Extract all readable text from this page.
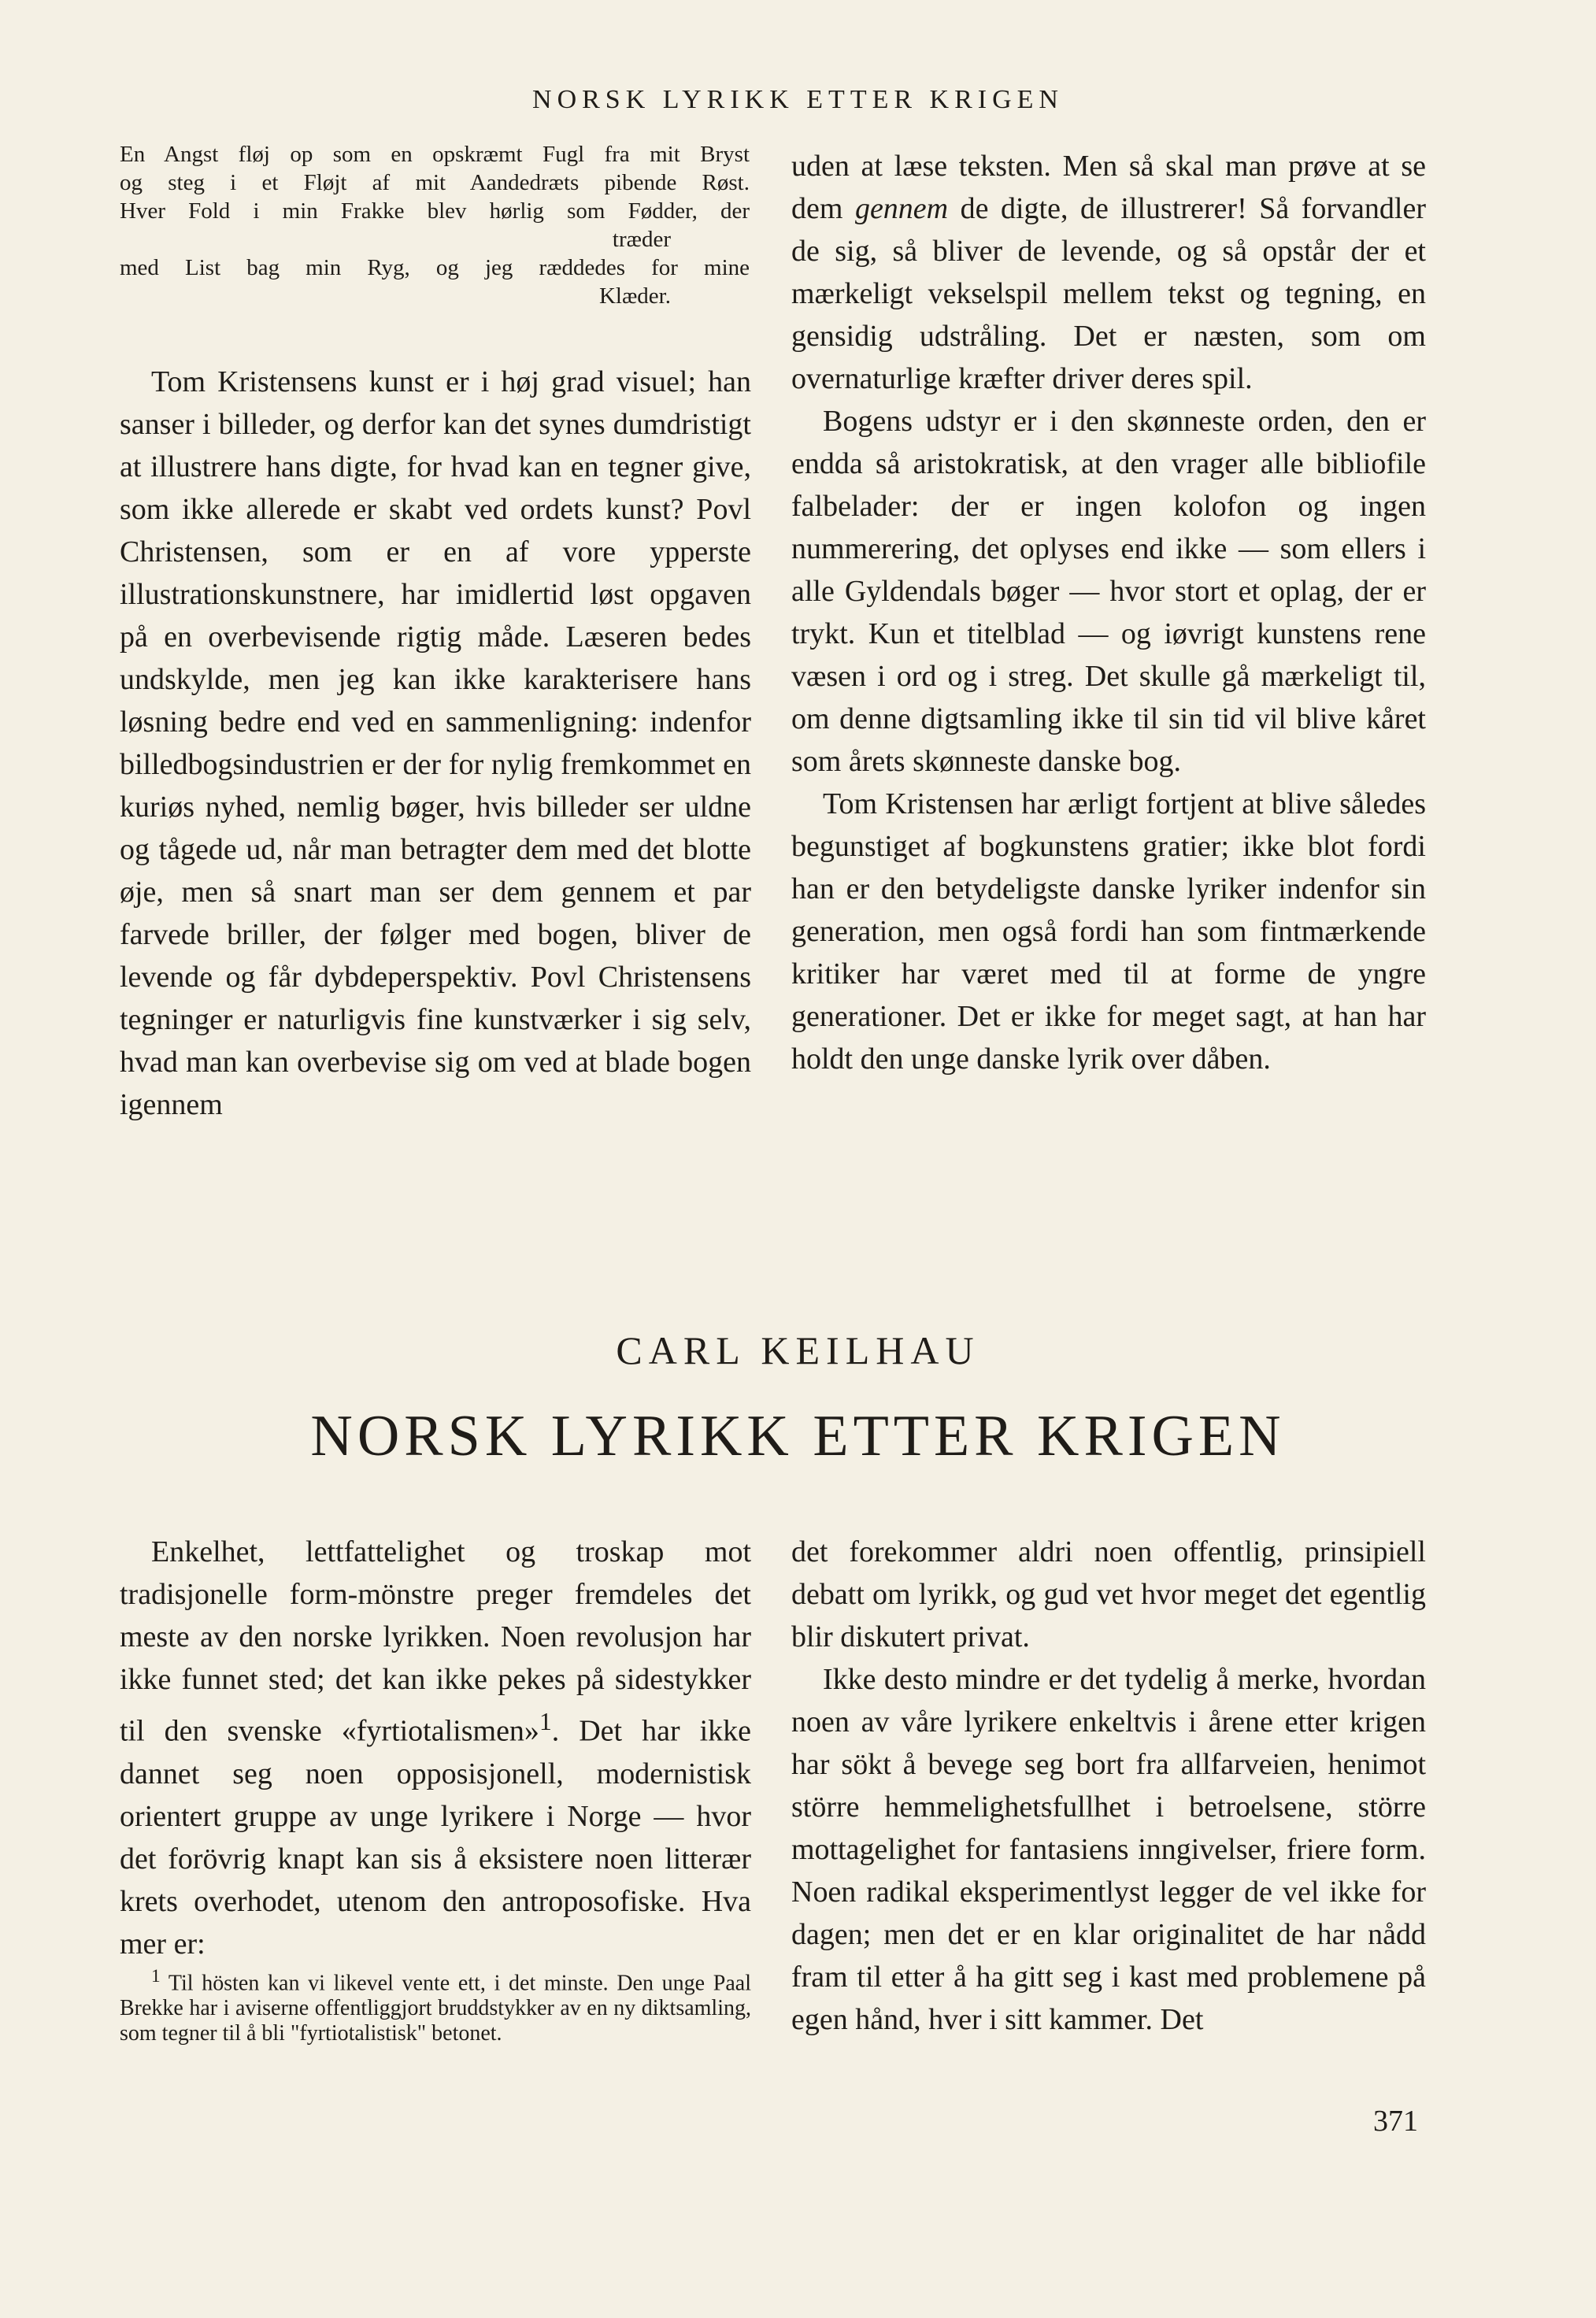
NORSK LYRIKK ETTER KRIGEN
En Angst fløj op som en opskræmt Fugl fra mit Bryst
og steg i et Fløjt af mit Aandedræts pibende Røst.
Hver Fold i min Frakke blev hørlig som Fødder, der
træder
med List bag min Ryg, og jeg ræddedes for mine
Klæder.

Tom Kristensens kunst er i høj grad visuel; han sanser i billeder, og derfor kan det synes dumdristigt at illustrere hans digte, for hvad kan en tegner give, som ikke allerede er skabt ved ordets kunst? Povl Christensen, som er en af vore ypperste illustrationskunstnere, har imidlertid løst opgaven på en overbevisende rigtig måde. Læseren bedes undskylde, men jeg kan ikke karakterisere hans løsning bedre end ved en sammenligning: indenfor billedbogsindustrien er der for nylig fremkommet en kuriøs nyhed, nemlig bøger, hvis billeder ser uldne og tågede ud, når man betragter dem med det blotte øje, men så snart man ser dem gennem et par farvede briller, der følger med bogen, bliver de levende og får dybdeperspektiv. Povl Christensens tegninger er naturligvis fine kunstværker i sig selv, hvad man kan overbevise sig om ved at blade bogen igennem

uden at læse teksten. Men så skal man prøve at se dem gennem de digte, de illustrerer! Så forvandler de sig, så bliver de levende, og så opstår der et mærkeligt vekselspil mellem tekst og tegning, en gensidig udstråling. Det er næsten, som om overnaturlige kræfter driver deres spil.

Bogens udstyr er i den skønneste orden, den er endda så aristokratisk, at den vrager alle bibliofile falbelader: der er ingen kolofon og ingen nummerering, det oplyses end ikke — som ellers i alle Gyldendals bøger — hvor stort et oplag, der er trykt. Kun et titelblad — og iøvrigt kunstens rene væsen i ord og i streg. Det skulle gå mærkeligt til, om denne digtsamling ikke til sin tid vil blive kåret som årets skønneste danske bog.

Tom Kristensen har ærligt fortjent at blive således begunstiget af bogkunstens gratier; ikke blot fordi han er den betydeligste danske lyriker indenfor sin generation, men også fordi han som fintmærkende kritiker har været med til at forme de yngre generationer. Det er ikke for meget sagt, at han har holdt den unge danske lyrik over dåben.

CARL KEILHAU
NORSK LYRIKK ETTER KRIGEN

Enkelhet, lettfattelighet og troskap mot tradisjonelle form-mönstre preger fremdeles det meste av den norske lyrikken. Noen revolusjon har ikke funnet sted; det kan ikke pekes på sidestykker til den svenske «fyrtiotalismen»$^1$. Det har ikke dannet seg noen opposisjonell, modernistisk orientert gruppe av unge lyrikere i Norge — hvor det forövrig knapt kan sis å eksistere noen litterær krets overhodet, utenom den antroposofiske. Hva mer er:

$^1$ Til hösten kan vi likevel vente ett, i det minste. Den unge Paal Brekke har i aviserne offentliggjort bruddstykker av en ny diktsamling, som tegner til å bli "fyrtiotalistisk" betonet.

det forekommer aldri noen offentlig, prinsipiell debatt om lyrikk, og gud vet hvor meget det egentlig blir diskutert privat.

Ikke desto mindre er det tydelig å merke, hvordan noen av våre lyrikere enkeltvis i årene etter krigen har sökt å bevege seg bort fra allfarveien, henimot större hemmelighetsfullhet i betroelsene, större mottagelighet for fantasiens inngivelser, friere form. Noen radikal eksperimentlyst legger de vel ikke for dagen; men det er en klar originalitet de har nådd fram til etter å ha gitt seg i kast med problemene på egen hånd, hver i sitt kammer. Det

371
